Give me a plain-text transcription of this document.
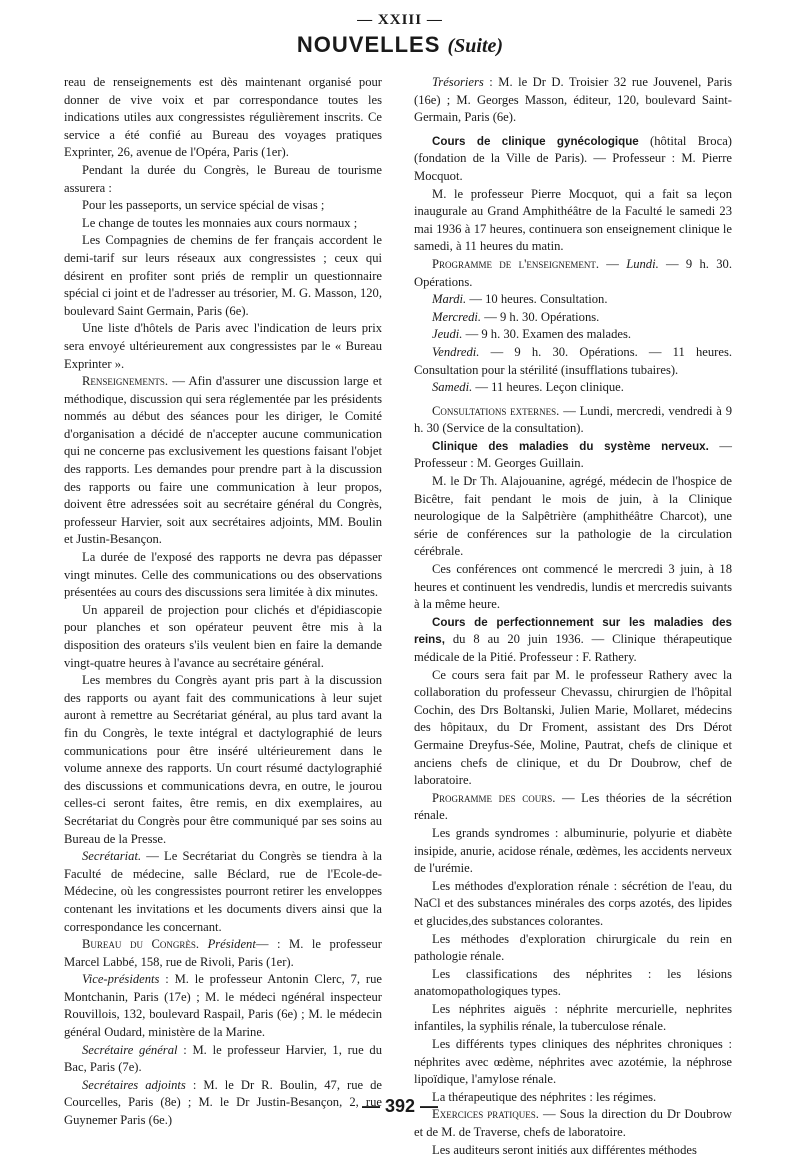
— XXIII —
NOUVELLES (Suite)

reau de renseignements est dès maintenant organisé pour donner de vive voix et par correspondance toutes les indications utiles aux congressistes régulièrement inscrits. Ce service a été confié au Bureau des voyages pratiques Exprinter, 26, avenue de l'Opéra, Paris (1er).

Pendant la durée du Congrès, le Bureau de tourisme assurera :

Pour les passeports, un service spécial de visas ;

Le change de toutes les monnaies aux cours normaux ;

Les Compagnies de chemins de fer français accordent le demi-tarif sur leurs réseaux aux congressistes ; ceux qui désirent en profiter sont priés de remplir un questionnaire spécial ci joint et de l'adresser au trésorier, M. G. Masson, 120, boulevard Saint Germain, Paris (6e).

Une liste d'hôtels de Paris avec l'indication de leurs prix sera envoyé ultérieurement aux congressistes par le « Bureau Exprinter ».

Renseignements. — Afin d'assurer une discussion large et méthodique, discussion qui sera réglementée par les présidents nommés au début des séances pour les diriger, le Comité d'organisation a décidé de n'accepter aucune communication qui ne concerne pas exclusivement les questions faisant l'objet des rapports. Les demandes pour prendre part à la discussion des rapports ou faire une communication à leur propos, doivent être adressées soit au secrétaire général du Congrès, professeur Harvier, soit aux secrétaires adjoints, MM. Boulin et Justin-Besançon.

La durée de l'exposé des rapports ne devra pas dépasser vingt minutes. Celle des communications ou des observations présentées au cours des discussions sera limitée à dix minutes.

Un appareil de projection pour clichés et d'épidiascopie pour planches et son opérateur peuvent être mis à la disposition des orateurs s'ils veulent bien en faire la demande vingt-quatre heures à l'avance au secrétaire général.

Les membres du Congrès ayant pris part à la discussion des rapports ou ayant fait des communications à leur sujet auront à remettre au Secrétariat général, au plus tard avant la fin du Congrès, le texte intégral et dactylographié de leurs communications pour être inséré ultérieurement dans le volume annexe des rapports. Un court résumé dactylographié des discussions et communications devra, en outre, le jourou celles-ci seront faites, être remis, en dix exemplaires, au Secrétariat du Congrès pour être communiqué par ses soins au Bureau de la Presse.

Secrétariat. — Le Secrétariat du Congrès se tiendra à la Faculté de médecine, salle Béclard, rue de l'Ecole-de-Médecine, où les congressistes pourront retirer les enveloppes contenant les invitations et les documents divers ainsi que la correspondance les concernant.

Bureau du Congrès. Président— : M. le professeur Marcel Labbé, 158, rue de Rivoli, Paris (1er).

Vice-présidents : M. le professeur Antonin Clerc, 7, rue Montchanin, Paris (17e) ; M. le médeci ngénéral inspecteur Rouvillois, 132, boulevard Raspail, Paris (6e) ; M. le médecin général Oudard, ministère de la Marine.

Secrétaire général : M. le professeur Harvier, 1, rue du Bac, Paris (7e).

Secrétaires adjoints : M. le Dr R. Boulin, 47, rue de Courcelles, Paris (8e) ; M. le Dr Justin-Besançon, 2, rue Guynemer Paris (6e.)

Trésoriers : M. le Dr D. Troisier 32 rue Jouvenel, Paris (16e) ; M. Georges Masson, éditeur, 120, boulevard Saint-Germain, Paris (6e).

Cours de clinique gynécologique (hôtital Broca) (fondation de la Ville de Paris). — Professeur : M. Pierre Mocquot.

M. le professeur Pierre Mocquot, qui a fait sa leçon inaugurale au Grand Amphithéâtre de la Faculté le samedi 23 mai 1936 à 17 heures, continuera son enseignement clinique le samedi, à 11 heures du matin.

Programme de l'enseignement. — Lundi. — 9 h. 30. Opérations.

Mardi. — 10 heures. Consultation.

Mercredi. — 9 h. 30. Opérations.

Jeudi. — 9 h. 30. Examen des malades.

Vendredi. — 9 h. 30. Opérations. — 11 heures. Consultation pour la stérilité (insufflations tubaires).

Samedi. — 11 heures. Leçon clinique.

Consultations externes. — Lundi, mercredi, vendredi à 9 h. 30 (Service de la consultation).

Clinique des maladies du système nerveux. — Professeur : M. Georges Guillain.

M. le Dr Th. Alajouanine, agrégé, médecin de l'hospice de Bicêtre, fait pendant le mois de juin, à la Clinique neurologique de la Salpêtrière (amphithéâtre Charcot), une série de conférences sur la pathologie de la circulation cérébrale.

Ces conférences ont commencé le mercredi 3 juin, à 18 heures et continuent les vendredis, lundis et mercredis suivants à la même heure.

Cours de perfectionnement sur les maladies des reins, du 8 au 20 juin 1936. — Clinique thérapeutique médicale de la Pitié. Professeur : F. Rathery.

Ce cours sera fait par M. le professeur Rathery avec la collaboration du professeur Chevassu, chirurgien de l'hôpital Cochin, des Drs Boltanski, Julien Marie, Mollaret, médecins des hôpitaux, du Dr Froment, assistant des Drs Dérot Germaine Dreyfus-Sée, Moline, Pautrat, chefs de clinique et anciens chefs de clinique, et du Dr Doubrow, chef de laboratoire.

Programme des cours. — Les théories de la sécrétion rénale.

Les grands syndromes : albuminurie, polyurie et diabète insipide, anurie, acidose rénale, œdèmes, les accidents nerveux de l'urémie.

Les méthodes d'exploration rénale : sécrétion de l'eau, du NaCl et des substances minérales des corps azotés, des lipides et glucides,des substances colorantes.

Les méthodes d'exploration chirurgicale du rein en pathologie rénale.

Les classifications des néphrites : les lésions anatomopathologiques types.

Les néphrites aiguës : néphrite mercurielle, nephrites infantiles, la syphilis rénale, la tuberculose rénale.

Les différents types cliniques des néphrites chroniques : néphrites avec œdème, néphrites avec azotémie, la néphrose lipoïdique, l'amylose rénale.

La thérapeutique des néphrites : les régimes.

Exercices pratiques. — Sous la direction du Dr Doubrow et de M. de Traverse, chefs de laboratoire.

Les auditeurs seront initiés aux différentes méthodes

— 392 —
